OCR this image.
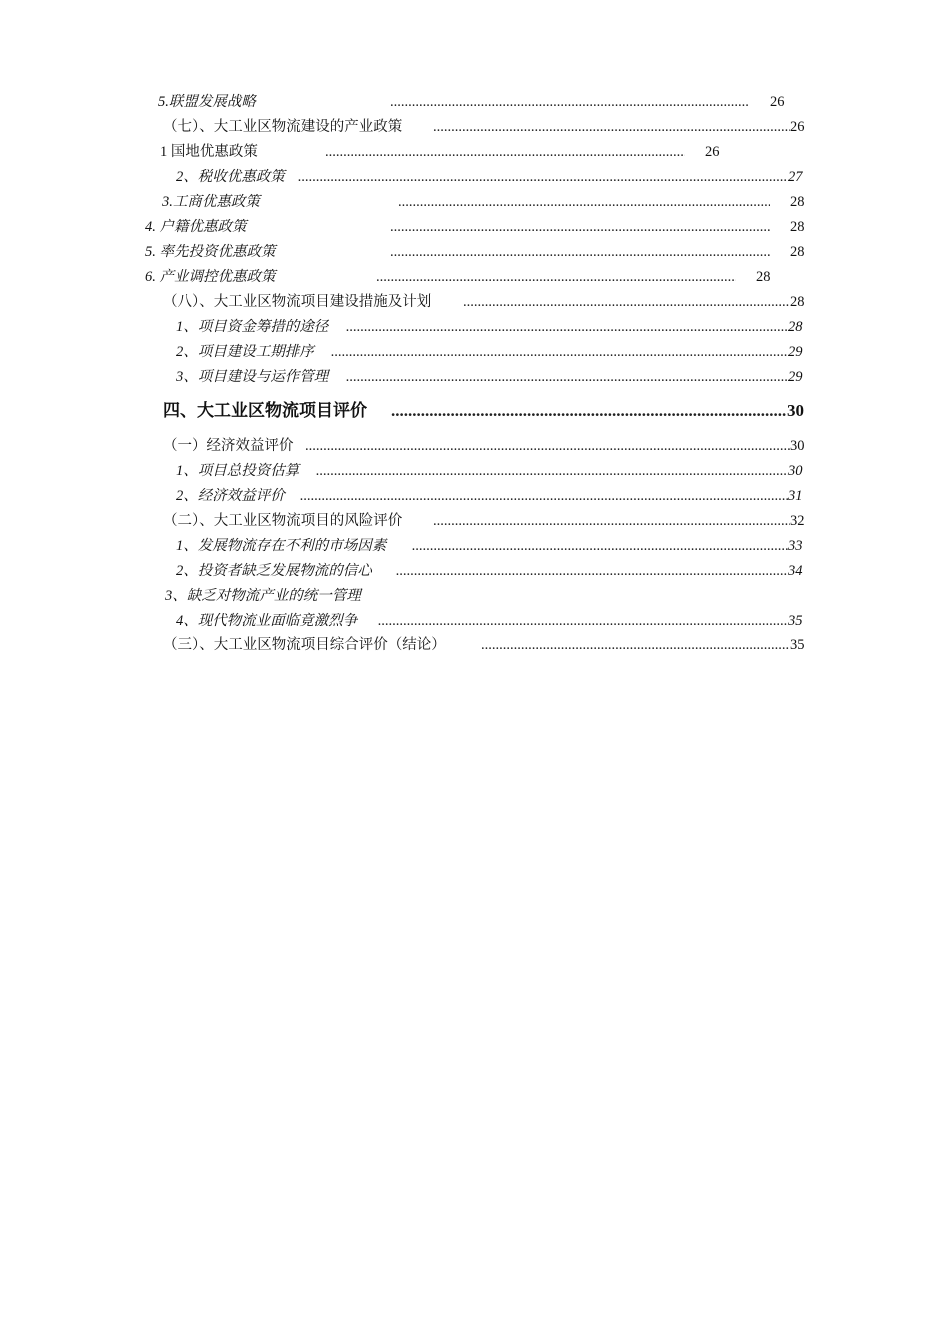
5.联盟发展战略 .....	26
（七）、大工业区物流建设的产业政策 .....	26
1 国地优惠政策 .....	26
2、税收优惠政策 .....	27
3.工商优惠政策 .....	28
4. 户籍优惠政策 .....	28
5. 率先投资优惠政策 .....	28
6. 产业调控优惠政策 .....	28
（八）、大工业区物流项目建设措施及计划 .....	28
1、项目资金筹措的途径 .....	28
2、项目建设工期排序 .....	29
3、项目建设与运作管理 .....	29
四、大工业区物流项目评价 .....	30
（一）经济效益评价 .....	30
1、项目总投资估算 .....	30
2、经济效益评价 .....	31
（二）、大工业区物流项目的风险评价 .....	32
1、发展物流存在不利的市场因素 .....	33
2、投资者缺乏发展物流的信心 .....	34
3、缺乏对物流产业的统一管理
4、现代物流业面临竟激烈争 .....	35
（三）、大工业区物流项目综合评价（结论） .....	35
